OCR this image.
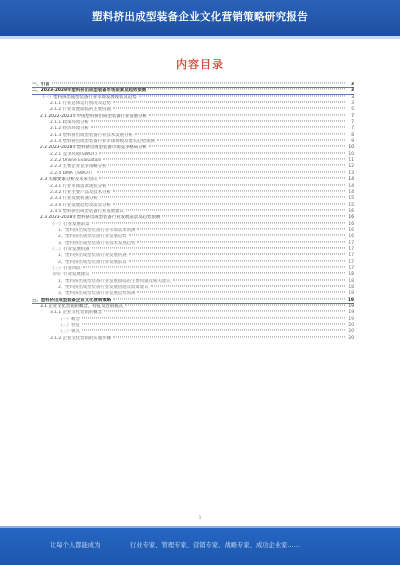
塑料挤出成型装备企业文化营销策略研究报告
内容目录
一、引言	3
二、2023-2028年塑料挤出成型装备市场前景及趋势预测	3
（一）塑料挤出成型装备行业市场发展现状及趋势	3
2.1.1 行业总体运行情况及趋势	3
2.1.2 行业发展面临的主要问题	5
2.1 2022-2023年中国塑料挤出成型装备行业发展分析	7
2.1.1 政策环境分析	7
2.1.2 经济环境分析	7
2.1.3 塑料挤出成型装备行业技术发展分析	8
2.1.4 塑料挤出成型装备行业市场规模及增长趋势预测	9
2.2 2023-2028年塑料挤出成型装备市场竞争格局分析	10
2.2.1 竞争环境(SWOT)	10
2.2.2 Online Evaluation	11
2.2.3 主要企业竞争策略分析	12
2.2.4 DMA（SWOT）	13
2.3 关键要素分析及未来方向	14
2.3.1 行业市场需求现状分析	14
2.3.2 行业主要产品及技术分析	14
2.3.3 行业发展机遇分析	15
2.3.4 行业发展趋势及前景分析	15
2.3.5 塑料挤出成型装备行业发展建议	16
2.3 2023-2028年塑料挤出成型装备行业发展前景及趋势预测	16
（一）行业发展前景	16
1、塑料挤出成型装备行业市场需求预测	16
2、塑料挤出成型装备行业发展趋势	16
3、塑料挤出成型装备行业技术发展趋势	17
（二）行业发展机遇	17
1、塑料挤出成型装备行业发展机遇	17
2、塑料挤出成型装备行业发展前景	17
（三）行业风险	17
（四）行业发展建议	18
1、塑料挤出成型装备行业发展面临的主要问题及相关建议	18
2、塑料挤出成型装备行业发展措施及政策建议	18
3、塑料挤出成型装备行业发展趋势预测	19
三、塑料挤出成型装备企业文化营销策略	19
3.1 企业文化营销的概念、特征及营销模式	19
3.1.1 企业文化营销的概念	19
（一）概念	19
（二）特征	20
（三）模式	20
3.1.2 企业文化营销的实施步骤	20
1
让每个人都能成为	行业专家、管理专家、营销专家、战略专家、成功企业家……
